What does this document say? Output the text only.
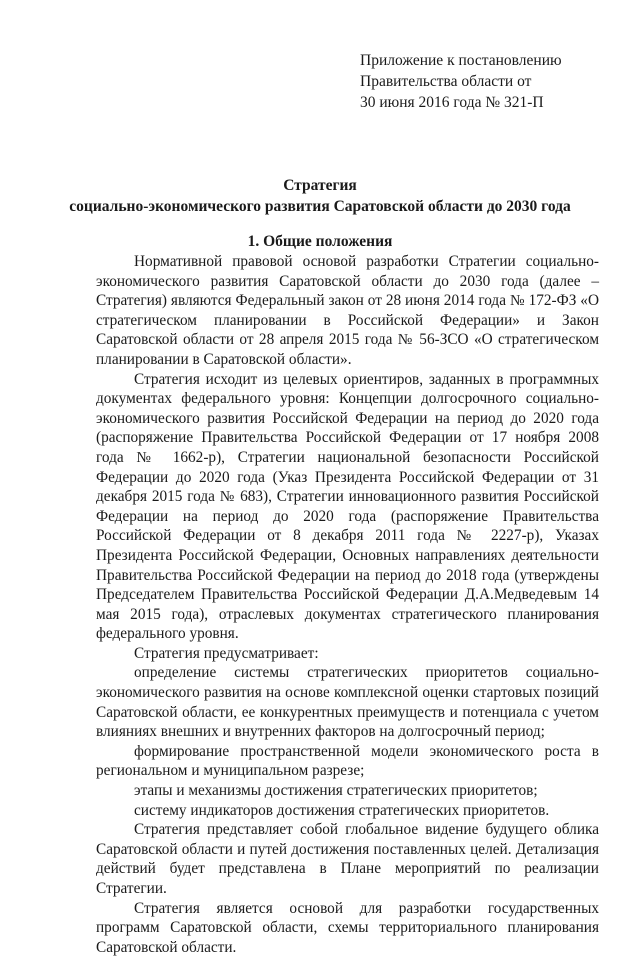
Приложение к постановлению
Правительства области от
30 июня 2016 года № 321-П
Стратегия
социально-экономического развития Саратовской области до 2030 года
1. Общие положения

Нормативной правовой основой разработки Стратегии социально-экономического развития Саратовской области до 2030 года (далее – Стратегия) являются Федеральный закон от 28 июня 2014 года № 172-ФЗ «О стратегическом планировании в Российской Федерации» и Закон Саратовской области от 28 апреля 2015 года № 56-ЗСО «О стратегическом планировании в Саратовской области».

Стратегия исходит из целевых ориентиров, заданных в программных документах федерального уровня: Концепции долгосрочного социально-экономического развития Российской Федерации на период до 2020 года (распоряжение Правительства Российской Федерации от 17 ноября 2008 года № 1662-р), Стратегии национальной безопасности Российской Федерации до 2020 года (Указ Президента Российской Федерации от 31 декабря 2015 года № 683), Стратегии инновационного развития Российской Федерации на период до 2020 года (распоряжение Правительства Российской Федерации от 8 декабря 2011 года № 2227-р), Указах Президента Российской Федерации, Основных направлениях деятельности Правительства Российской Федерации на период до 2018 года (утверждены Председателем Правительства Российской Федерации Д.А.Медведевым 14 мая 2015 года), отраслевых документах стратегического планирования федерального уровня.

Стратегия предусматривает:

определение системы стратегических приоритетов социально-экономического развития на основе комплексной оценки стартовых позиций Саратовской области, ее конкурентных преимуществ и потенциала с учетом влияниях внешних и внутренних факторов на долгосрочный период;

формирование пространственной модели экономического роста в региональном и муниципальном разрезе;

этапы и механизмы достижения стратегических приоритетов;

систему индикаторов достижения стратегических приоритетов.

Стратегия представляет собой глобальное видение будущего облика Саратовской области и путей достижения поставленных целей. Детализация действий будет представлена в Плане мероприятий по реализации Стратегии.

Стратегия является основой для разработки государственных программ Саратовской области, схемы территориального планирования Саратовской области.
